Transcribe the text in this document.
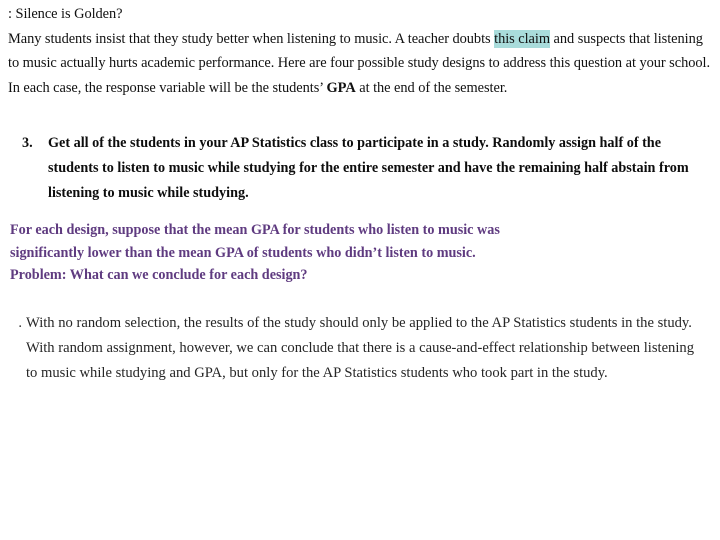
: Silence is Golden?
Many students insist that they study better when listening to music. A teacher doubts this claim and suspects that listening to music actually hurts academic performance. Here are four possible study designs to address this question at your school. In each case, the response variable will be the students’ GPA at the end of the semester.
3.	Get all of the students in your AP Statistics class to participate in a study. Randomly assign half of the students to listen to music while studying for the entire semester and have the remaining half abstain from listening to music while studying.
For each design, suppose that the mean GPA for students who listen to music was
significantly lower than the mean GPA of students who didn’t listen to music.
Problem: What can we conclude for each design?
. With no random selection, the results of the study should only be applied to the AP Statistics students in the study. With random assignment, however, we can conclude that there is a cause-and-effect relationship between listening to music while studying and GPA, but only for the AP Statistics students who took part in the study.
